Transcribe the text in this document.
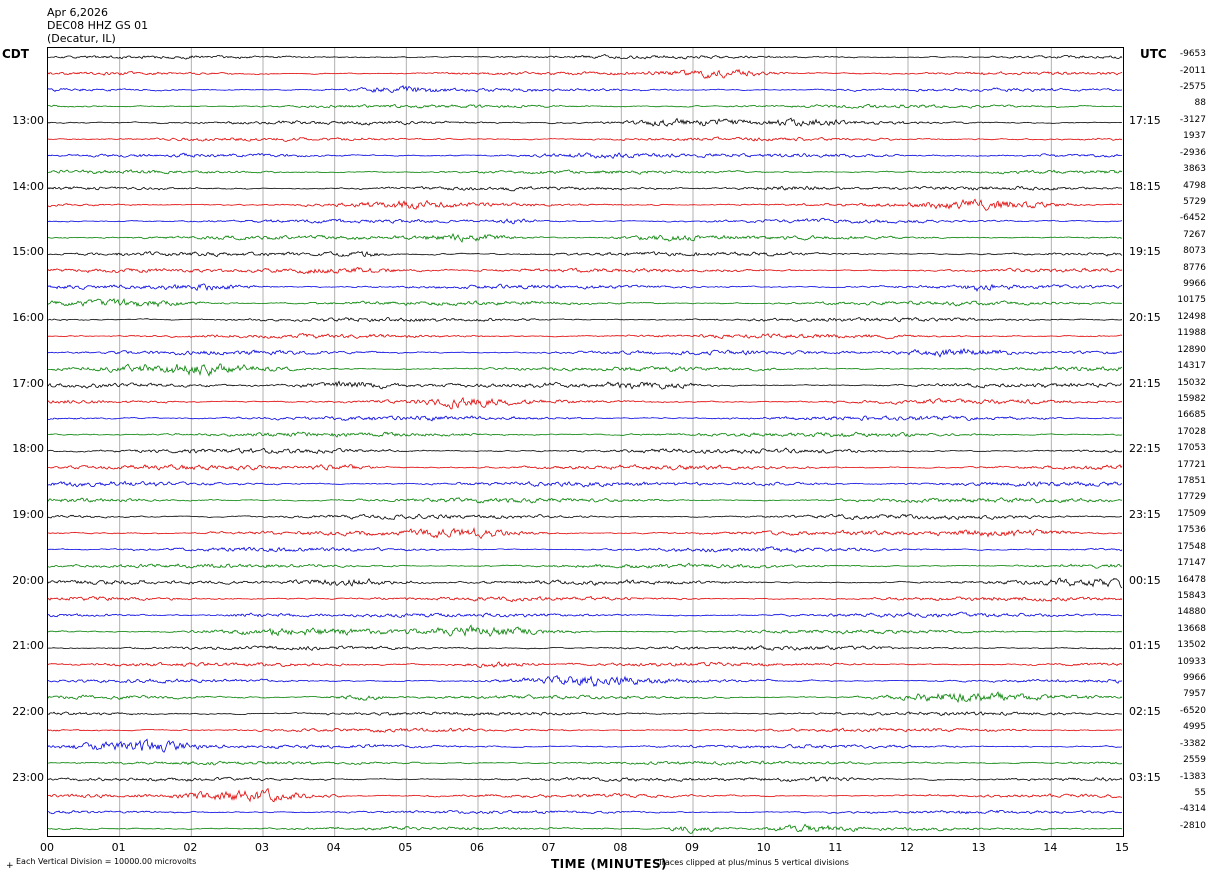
Apr 6,2026
DEC08 HHZ GS 01
(Decatur, IL)
CDT	UTC
13:00
14:00
15:00
16:00
17:00
18:00
19:00
20:00
21:00
22:00
23:00
17:15
18:15
19:15
20:15
21:15
22:15
23:15
00:15
01:15
02:15
03:15
-9653
-2011
-2575
88
-3127
1937
-2936
3863
4798
5729
-6452
7267
8073
8776
9966
10175
12498
11988
12890
14317
15032
15982
16685
17028
17053
17721
17851
17729
17509
17536
17548
17147
16478
15843
14880
13668
13502
10933
9966
7957
-6520
4995
-3382
2559
-1383
55
-4314
-2810
00	01	02	03	04	05	06	07	08	09	10	11	12	13	14	15
+ Each Vertical Division = 10000.00 microvolts	TIME (MINUTES)
Traces clipped at plus/minus 5 vertical divisions
